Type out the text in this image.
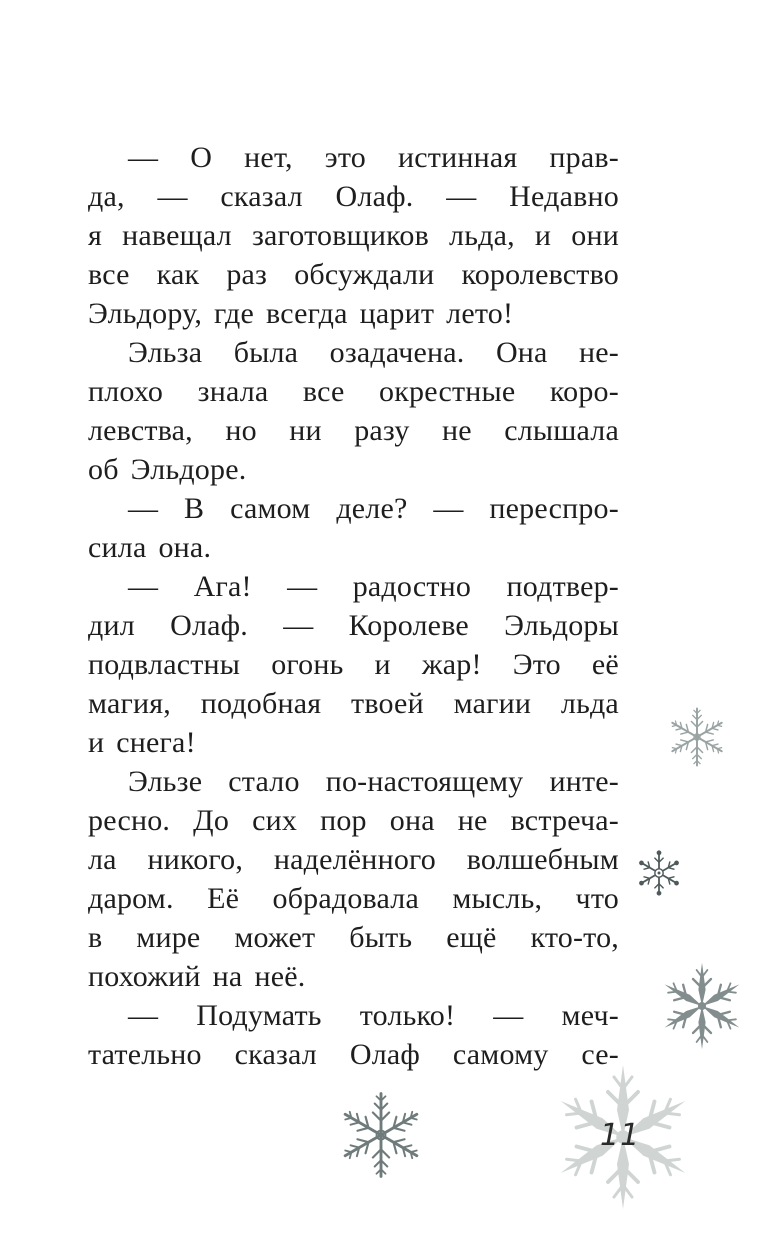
— О нет, это истинная прав-
да, — сказал Олаф. — Недавно
я навещал заготовщиков льда, и они
все как раз обсуждали королевство
Эльдору, где всегда царит лето!
Эльза была озадачена. Она не-
плохо знала все окрестные коро-
левства, но ни разу не слышала
об Эльдоре.
— В самом деле? — переспро-
сила она.
— Ага! — радостно подтвер-
дил Олаф. — Королеве Эльдоры
подвластны огонь и жар! Это её
магия, подобная твоей магии льда
и снега!
Эльзе стало по-настоящему инте-
ресно. До сих пор она не встреча-
ла никого, наделённого волшебным
даром. Её обрадовала мысль, что
в мире может быть ещё кто-то,
похожий на неё.
— Подумать только! — меч-
тательно сказал Олаф самому се-
11
